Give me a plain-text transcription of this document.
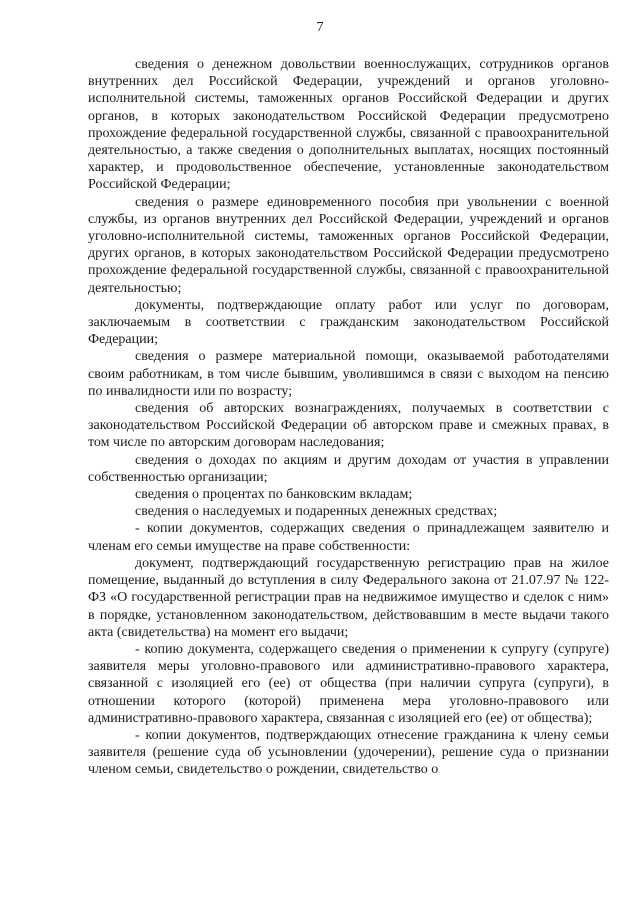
7

сведения о денежном довольствии военнослужащих, сотрудников органов внутренних дел Российской Федерации, учреждений и органов уголовно-исполнительной системы, таможенных органов Российской Федерации и других органов, в которых законодательством Российской Федерации предусмотрено прохождение федеральной государственной службы, связанной с правоохранительной деятельностью, а также сведения о дополнительных выплатах, носящих постоянный характер, и продовольственное обеспечение, установленные законодательством Российской Федерации;

сведения о размере единовременного пособия при увольнении с военной службы, из органов внутренних дел Российской Федерации, учреждений и органов уголовно-исполнительной системы, таможенных органов Российской Федерации, других органов, в которых законодательством Российской Федерации предусмотрено прохождение федеральной государственной службы, связанной с правоохранительной деятельностью;

документы, подтверждающие оплату работ или услуг по договорам, заключаемым в соответствии с гражданским законодательством Российской Федерации;

сведения о размере материальной помощи, оказываемой работодателями своим работникам, в том числе бывшим, уволившимся в связи с выходом на пенсию по инвалидности или по возрасту;

сведения об авторских вознаграждениях, получаемых в соответствии с законодательством Российской Федерации об авторском праве и смежных правах, в том числе по авторским договорам наследования;

сведения о доходах по акциям и другим доходам от участия в управлении собственностью организации;

сведения о процентах по банковским вкладам;

сведения о наследуемых и подаренных денежных средствах;

- копии документов, содержащих сведения о принадлежащем заявителю и членам его семьи имуществе на праве собственности:

документ, подтверждающий государственную регистрацию прав на жилое помещение, выданный до вступления в силу Федерального закона от 21.07.97 № 122-ФЗ «О государственной регистрации прав на недвижимое имущество и сделок с ним» в порядке, установленном законодательством, действовавшим в месте выдачи такого акта (свидетельства) на момент его выдачи;

- копию документа, содержащего сведения о применении к супругу (супруге) заявителя меры уголовно-правового или административно-правового характера, связанной с изоляцией его (ее) от общества (при наличии супруга (супруги), в отношении которого (которой) применена мера уголовно-правового или административно-правового характера, связанная с изоляцией его (ее) от общества);

- копии документов, подтверждающих отнесение гражданина к члену семьи заявителя (решение суда об усыновлении (удочерении), решение суда о признании членом семьи, свидетельство о рождении, свидетельство о
